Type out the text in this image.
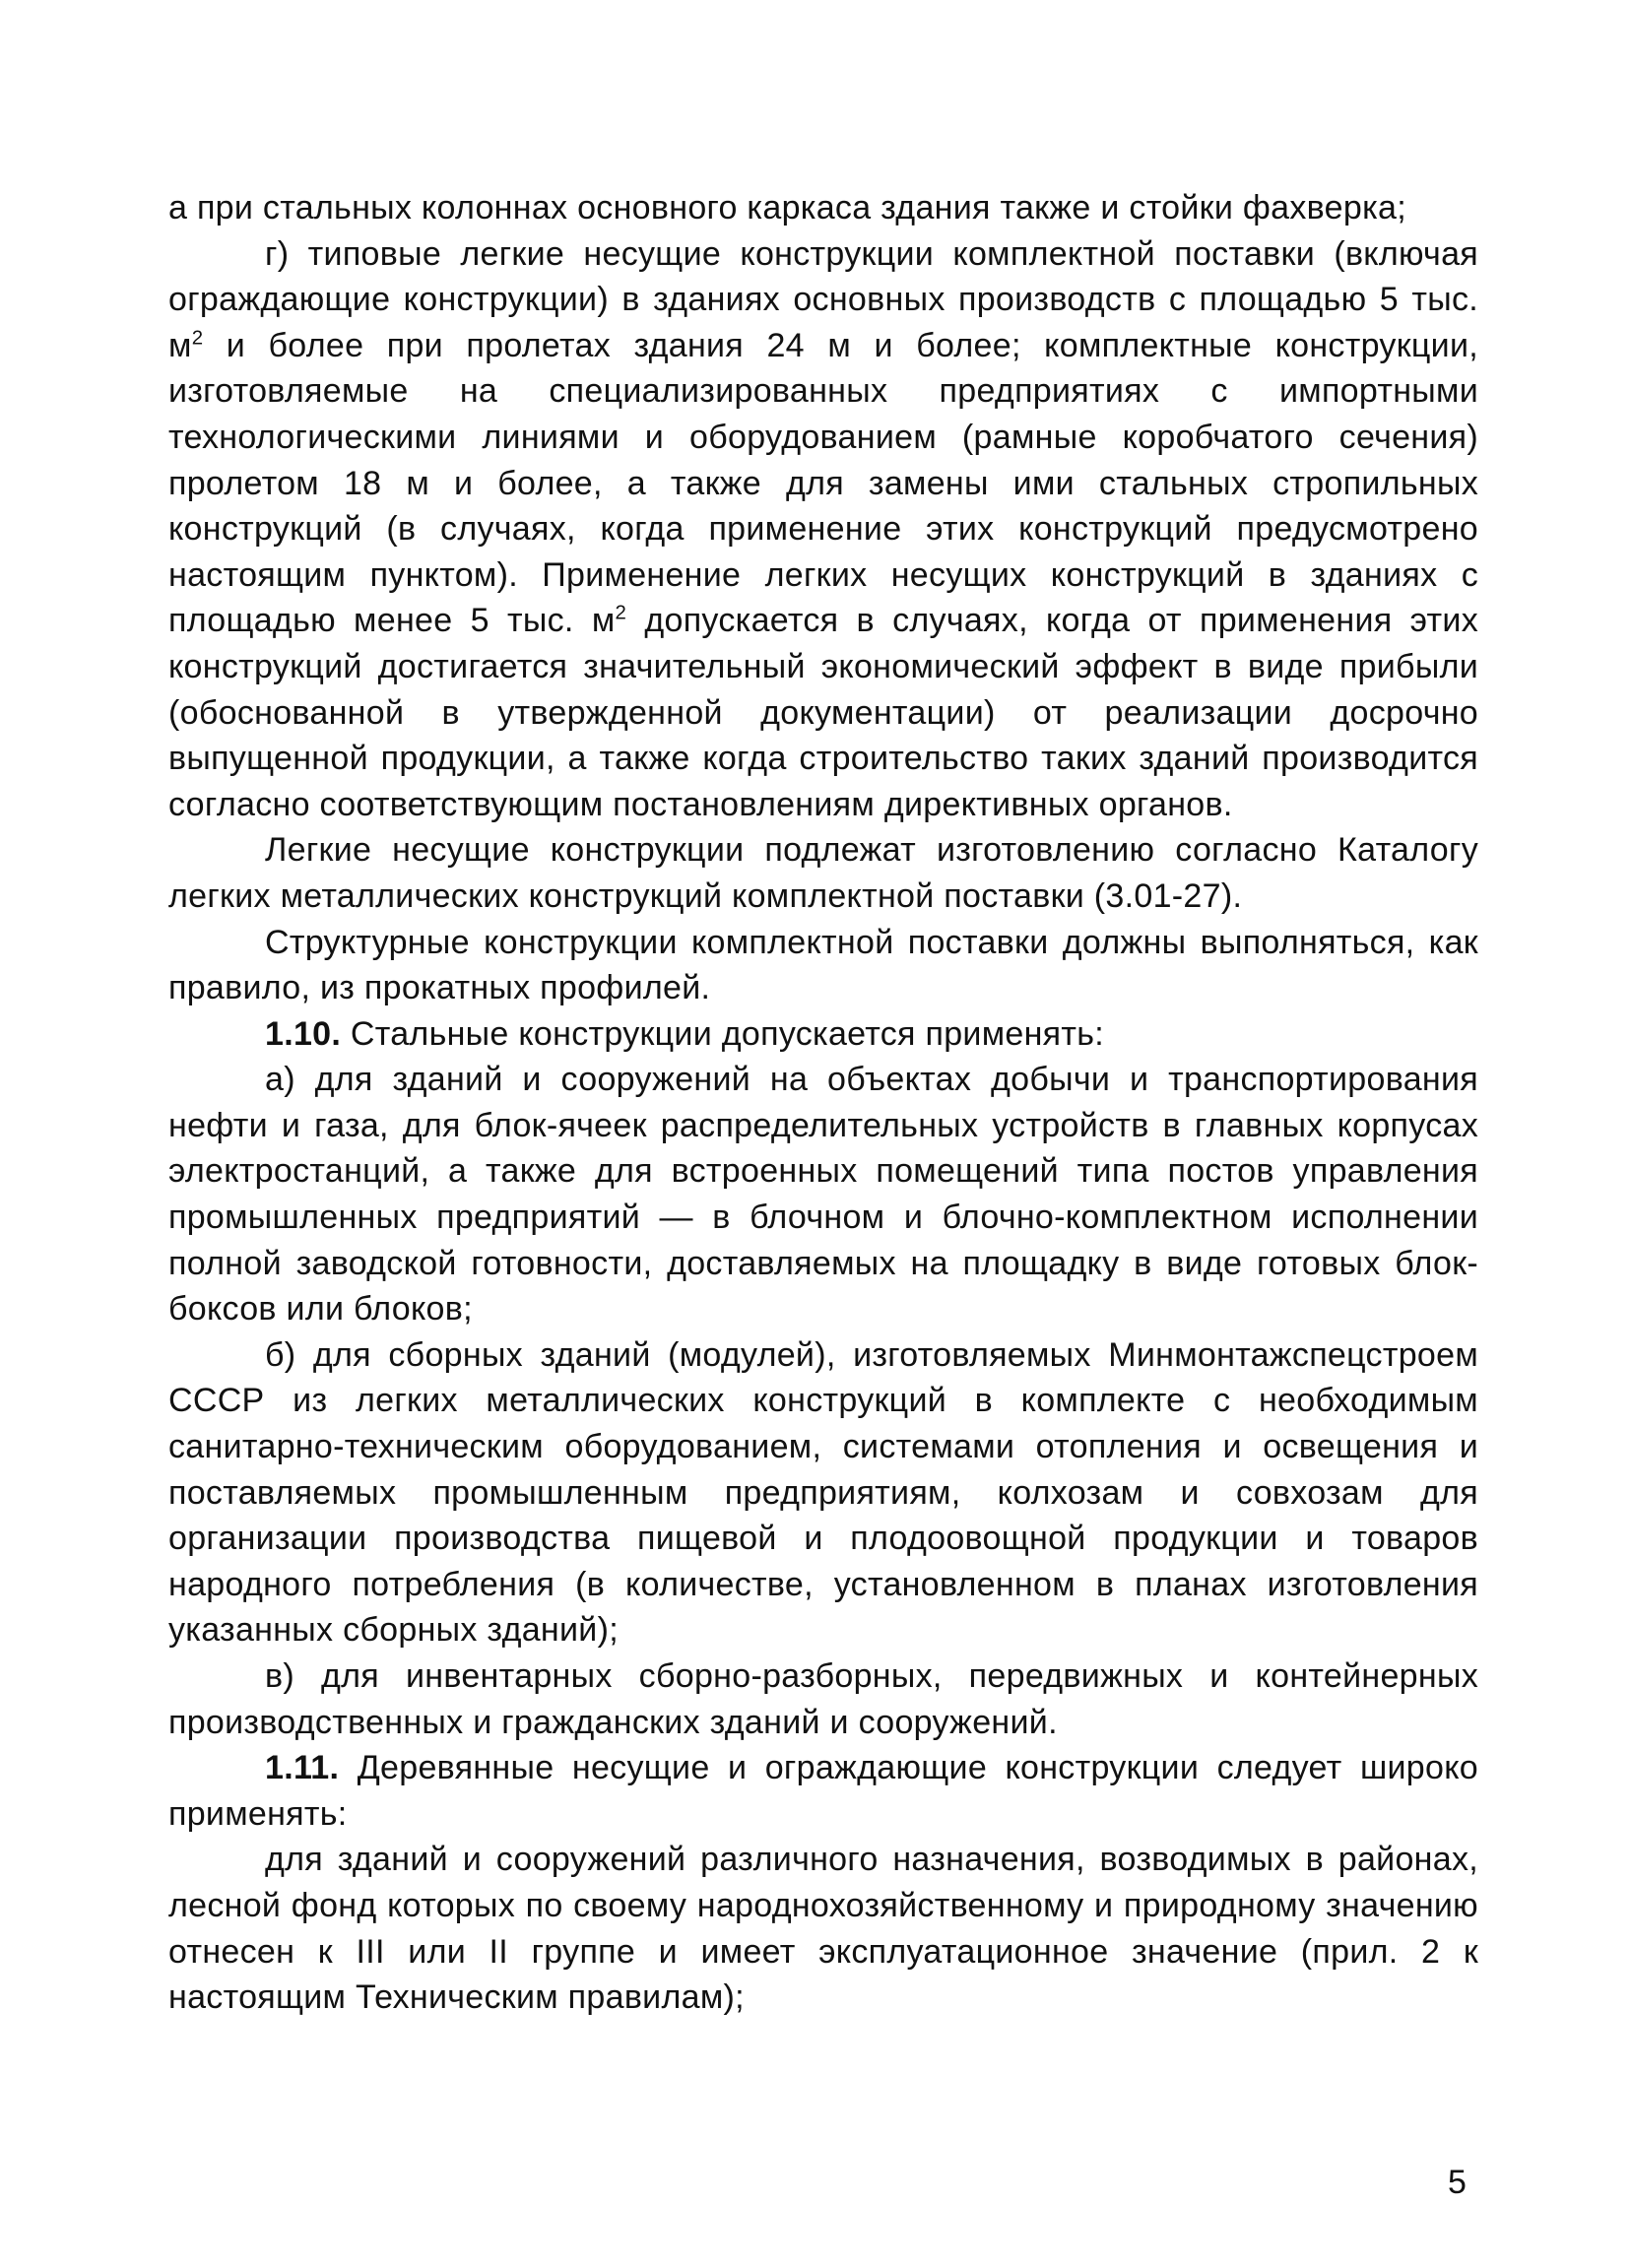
а при стальных колоннах основного каркаса здания также и стойки фахверка;

г) типовые легкие несущие конструкции комплектной поставки (включая ограждающие конструкции) в зданиях основных производств с площадью 5 тыс. $м^2$ и более при пролетах здания 24 м и более; комплектные конструкции, изготовляемые на специализированных предприятиях с импортными технологическими линиями и оборудованием (рамные коробчатого сечения) пролетом 18 м и более, а также для замены ими стальных стропильных конструкций (в случаях, когда применение этих конструкций предусмотрено настоящим пунктом). Применение легких несущих конструкций в зданиях с площадью менее 5 тыс. $м^2$ допускается в случаях, когда от применения этих конструкций достигается значительный экономический эффект в виде прибыли (обоснованной в утвержденной документации) от реализации досрочно выпущенной продукции, а также когда строительство таких зданий производится согласно соответствующим постановлениям директивных органов.

Легкие несущие конструкции подлежат изготовлению согласно Каталогу легких металлических конструкций комплектной поставки (3.01-27).

Структурные конструкции комплектной поставки должны выполняться, как правило, из прокатных профилей.

1.10. Стальные конструкции допускается применять:

а) для зданий и сооружений на объектах добычи и транспортирования нефти и газа, для блок-ячеек распределительных устройств в главных корпусах электростанций, а также для встроенных помещений типа постов управления промышленных предприятий — в блочном и блочно-комплектном исполнении полной заводской готовности, доставляемых на площадку в виде готовых блок-боксов или блоков;

б) для сборных зданий (модулей), изготовляемых Минмонтажспецстроем СССР из легких металлических конструкций в комплекте с необходимым санитарно-техническим оборудованием, системами отопления и освещения и поставляемых промышленным предприятиям, колхозам и совхозам для организации производства пищевой и плодоовощной продукции и товаров народного потребления (в количестве, установленном в планах изготовления указанных сборных зданий);

в) для инвентарных сборно-разборных, передвижных и контейнерных производственных и гражданских зданий и сооружений.

1.11. Деревянные несущие и ограждающие конструкции следует широко применять:

для зданий и сооружений различного назначения, возводимых в районах, лесной фонд которых по своему народнохозяйственному и природному значению отнесен к III или II группе и имеет эксплуатационное значение (прил. 2 к настоящим Техническим правилам);

5
